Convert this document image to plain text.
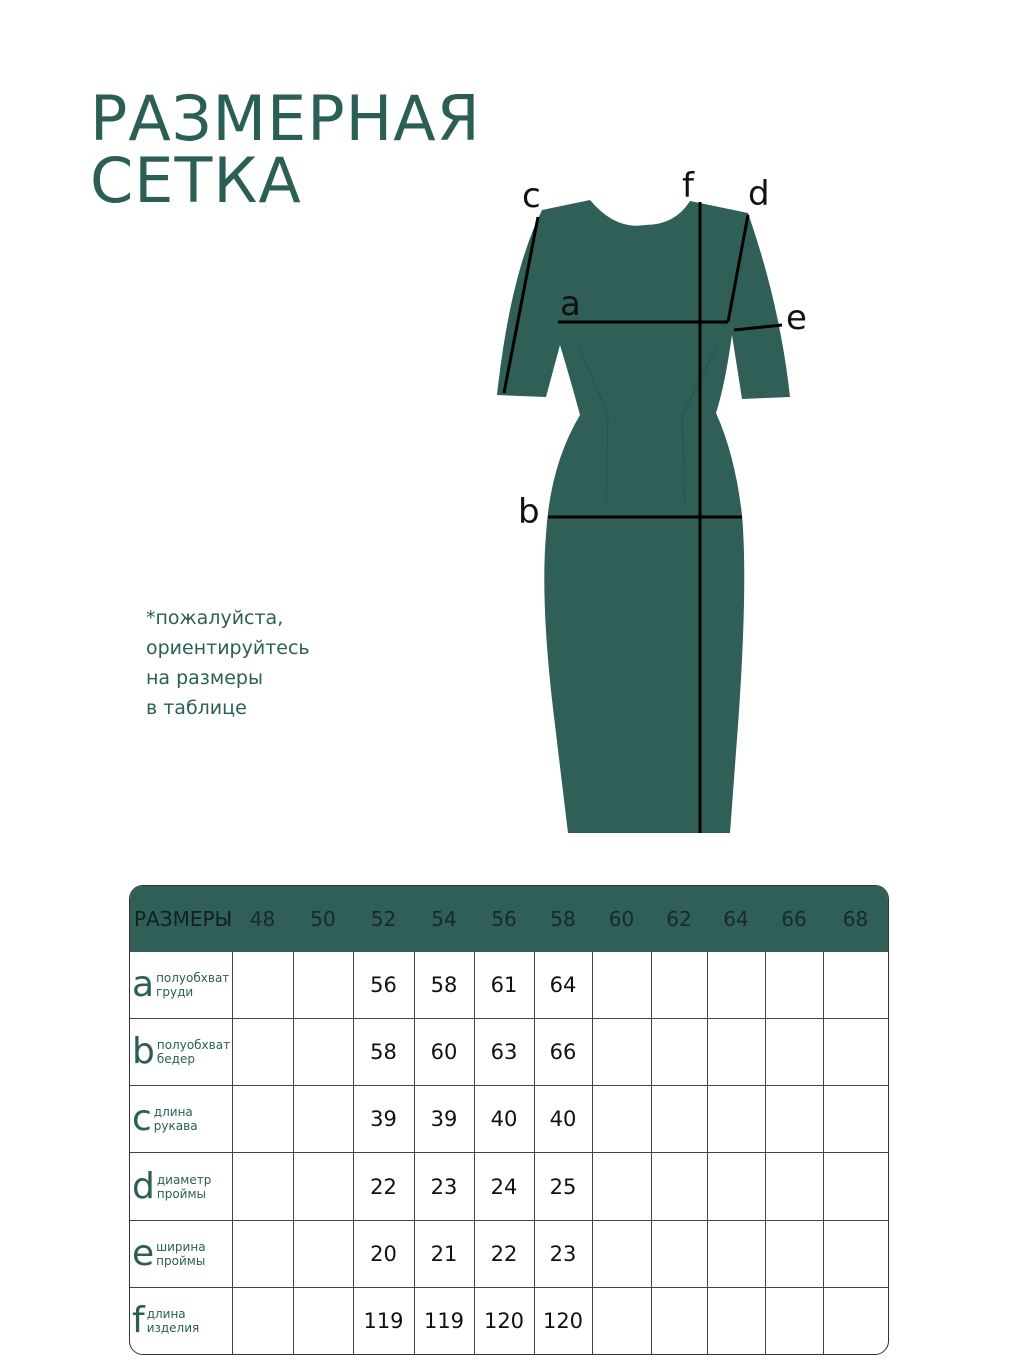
РАЗМЕРНАЯ
СЕТКА
*пожалуйста,
ориентируйтесь
на размеры
в таблице
c	f d
a	e
b
РАЗМЕРЫ	48	50	52	54	56	58	60	62	64	66	68
a полуобхват
груди			56	58	61	64					
b полуобхват
бедер			58	60	63	66					
c длина
рукава			39	39	40	40					
d диаметр
проймы			22	23	24	25					
e ширина
проймы			20	21	22	23					
f длина
изделия			119	119	120	120					
